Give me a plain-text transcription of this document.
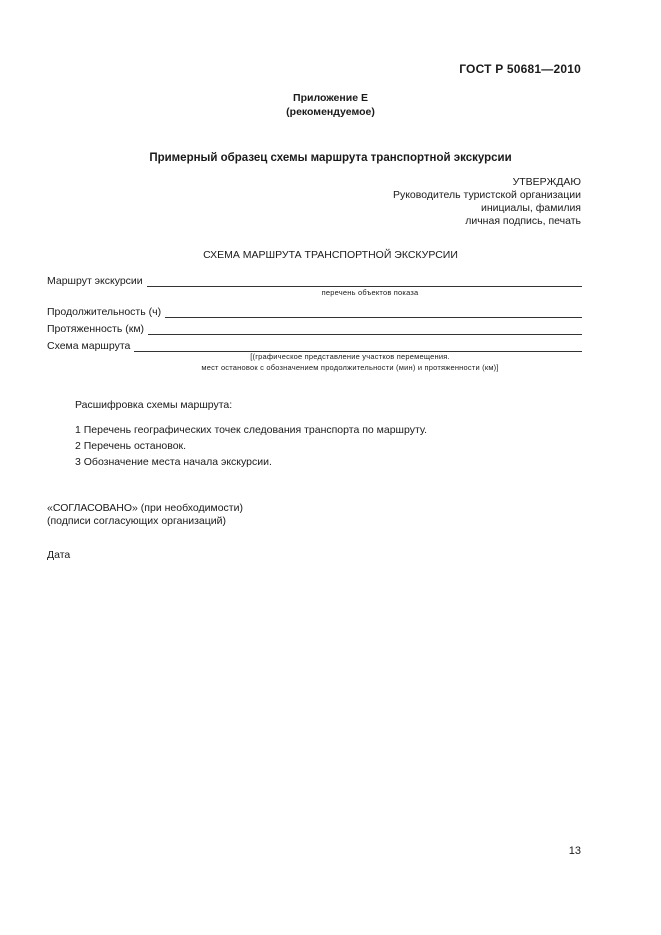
ГОСТ Р 50681—2010
Приложение Е
(рекомендуемое)
Примерный образец схемы маршрута транспортной экскурсии
УТВЕРЖДАЮ
Руководитель туристской организации
инициалы, фамилия
личная подпись, печать
СХЕМА МАРШРУТА ТРАНСПОРТНОЙ ЭКСКУРСИИ
Маршрут экскурсии
перечень объектов показа
Продолжительность (ч)
Протяженность (км)
Схема маршрута
[(графическое представление участков перемещения.
мест остановок с обозначением продолжительности (мин) и протяженности (км)]
Расшифровка схемы маршрута:
1 Перечень географических точек следования транспорта по маршруту.
2 Перечень остановок.
3 Обозначение места начала экскурсии.
«СОГЛАСОВАНО» (при необходимости)
(подписи согласующих организаций)
Дата
13
